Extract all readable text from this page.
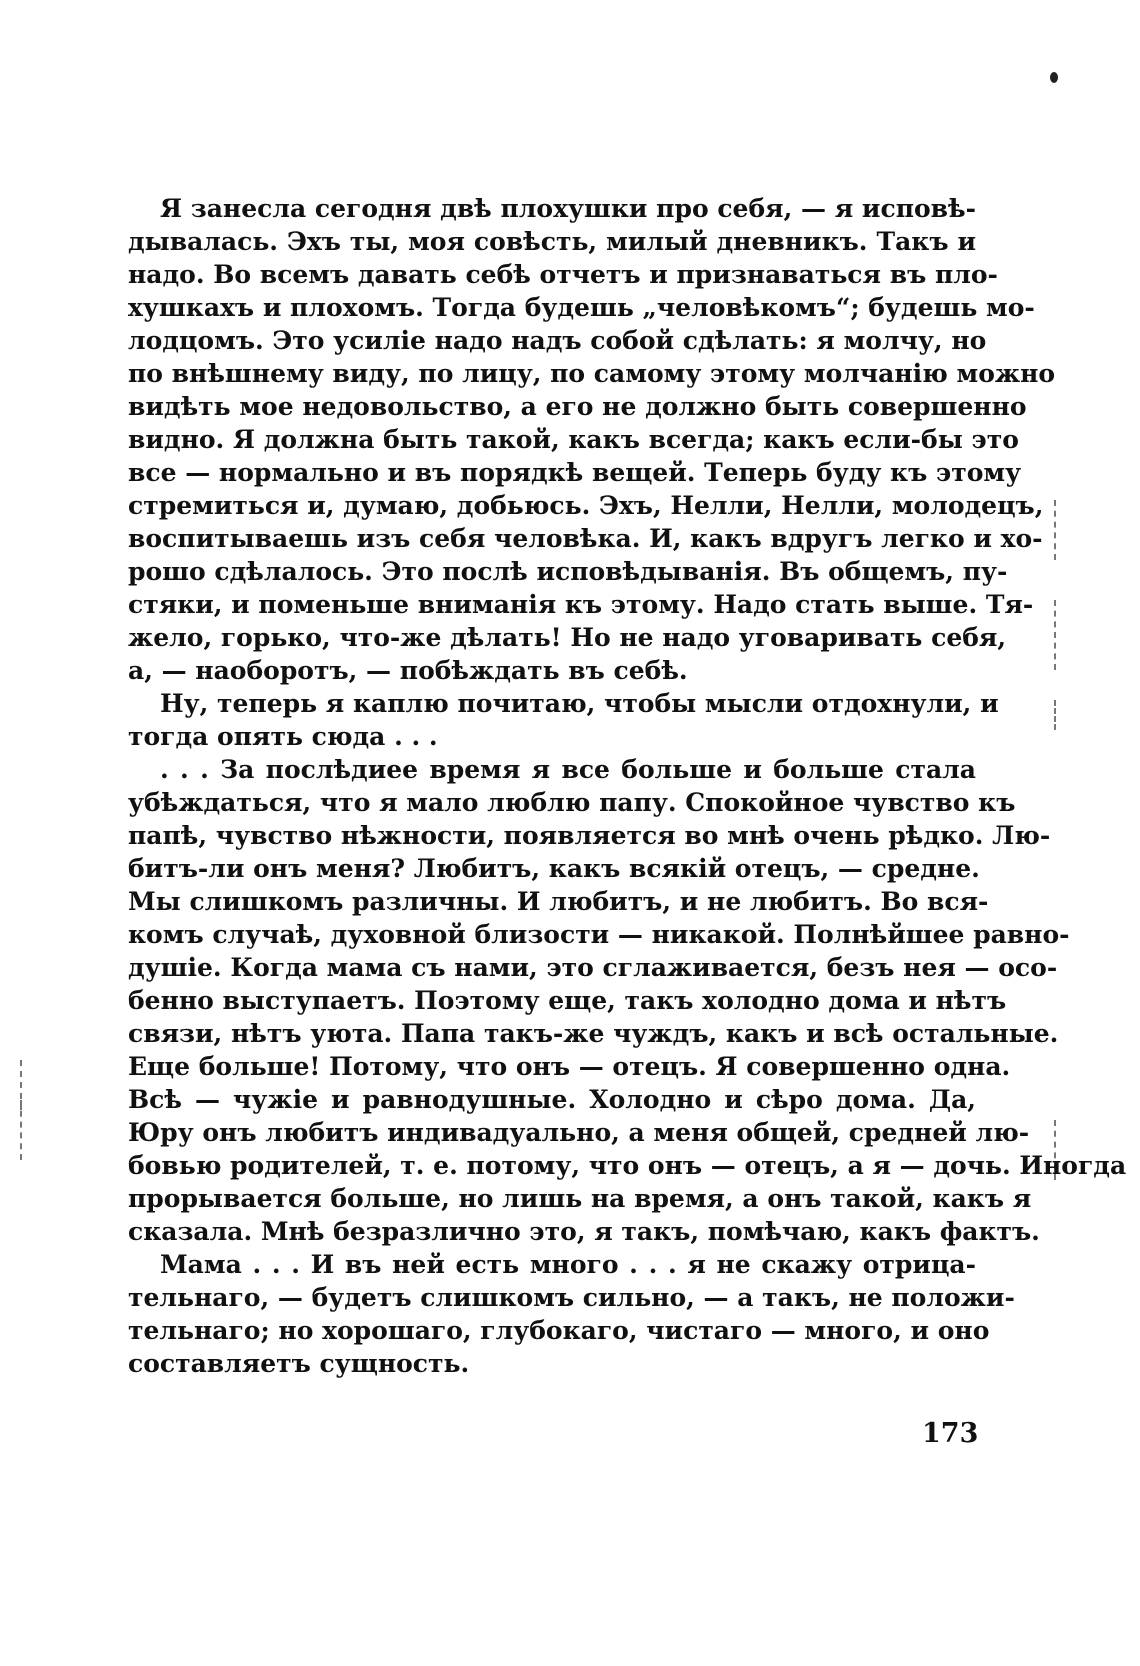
Я занесла сегодня двѣ плохушки про себя, — я исповѣ-
дывалась. Эхъ ты, моя совѣсть, милый дневникъ. Такъ и
надо. Во всемъ давать себѣ отчетъ и признаваться въ пло-
хушкахъ и плохомъ. Тогда будешь „человѣкомъ“; будешь мо-
лодцомъ. Это усиліе надо надъ собой сдѣлать: я молчу, но
по внѣшнему виду, по лицу, по самому этому молчанію можно
видѣть мое недовольство, а его не должно быть совершенно
видно. Я должна быть такой, какъ всегда; какъ если-бы это
все — нормально и въ порядкѣ вещей. Теперь буду къ этому
стремиться и, думаю, добьюсь. Эхъ, Нелли, Нелли, молодецъ,
воспитываешь изъ себя человѣка. И, какъ вдругъ легко и хо-
рошо сдѣлалось. Это послѣ исповѣдыванія. Въ общемъ, пу-
стяки, и поменьше вниманія къ этому. Надо стать выше. Тя-
жело, горько, что-же дѣлать! Но не надо уговаривать себя,
а, — наоборотъ, — побѣждать въ себѣ.
Ну, теперь я каплю почитаю, чтобы мысли отдохнули, и
тогда опять сюда . . .
. . . За послѣдиее время я все больше и больше стала
убѣждаться, что я мало люблю папу. Спокойное чувство къ
папѣ, чувство нѣжности, появляется во мнѣ очень рѣдко. Лю-
битъ-ли онъ меня? Любитъ, какъ всякій отецъ, — средне.
Мы слишкомъ различны. И любитъ, и не любитъ. Во вся-
комъ случаѣ, духовной близости — никакой. Полнѣйшее равно-
душіе. Когда мама съ нами, это сглаживается, безъ нея — осо-
бенно выступаетъ. Поэтому еще, такъ холодно дома и нѣтъ
связи, нѣтъ уюта. Папа такъ-же чуждъ, какъ и всѣ остальные.
Еще больше! Потому, что онъ — отецъ. Я совершенно одна.
Всѣ — чужіе и равнодушные. Холодно и сѣро дома. Да,
Юру онъ любитъ индивадуально, а меня общей, средней лю-
бовью родителей, т. е. потому, что онъ — отецъ, а я — дочь. Иногда
прорывается больше, но лишь на время, а онъ такой, какъ я
сказала. Мнѣ безразлично это, я такъ, помѣчаю, какъ фактъ.
Мама . . . И въ ней есть много . . . я не скажу отрица-
тельнаго, — будетъ слишкомъ сильно, — а такъ, не положи-
тельнаго; но хорошаго, глубокаго, чистаго — много, и оно
составляетъ сущность.
173
